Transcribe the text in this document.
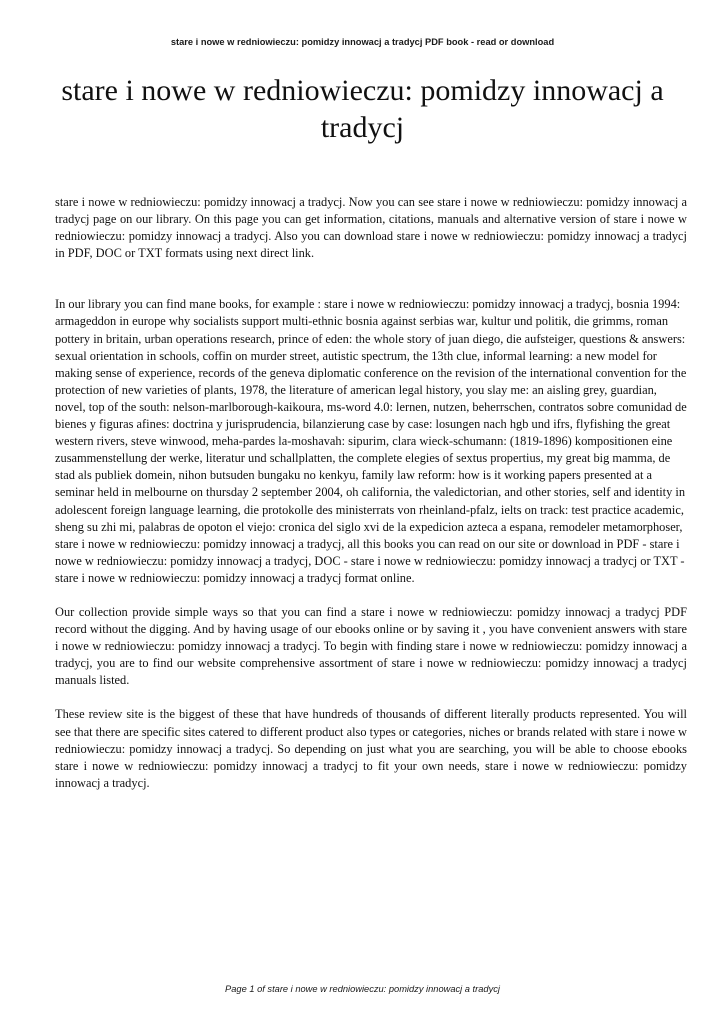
stare i nowe w redniowieczu: pomidzy innowacj a tradycj PDF book - read or download
stare i nowe w redniowieczu: pomidzy innowacj a tradycj

stare i nowe w redniowieczu: pomidzy innowacj a tradycj. Now you can see stare i nowe w redniowieczu: pomidzy innowacj a tradycj page on our library. On this page you can get information, citations, manuals and alternative version of stare i nowe w redniowieczu: pomidzy innowacj a tradycj. Also you can download stare i nowe w redniowieczu: pomidzy innowacj a tradycj in PDF, DOC or TXT formats using next direct link.

In our library you can find mane books, for example : stare i nowe w redniowieczu: pomidzy innowacj a tradycj, bosnia 1994: armageddon in europe why socialists support multi-ethnic bosnia against serbias war, kultur und politik, die grimms, roman pottery in britain, urban operations research, prince of eden: the whole story of juan diego, die aufsteiger, questions & answers: sexual orientation in schools, coffin on murder street, autistic spectrum, the 13th clue, informal learning: a new model for making sense of experience, records of the geneva diplomatic conference on the revision of the international convention for the protection of new varieties of plants, 1978, the literature of american legal history, you slay me: an aisling grey, guardian, novel, top of the south: nelson-marlborough-kaikoura, ms-word 4.0: lernen, nutzen, beherrschen, contratos sobre comunidad de bienes y figuras afines: doctrina y jurisprudencia, bilanzierung case by case: losungen nach hgb und ifrs, flyfishing the great western rivers, steve winwood, meha-pardes la-moshavah: sipurim, clara wieck-schumann: (1819-1896) kompositionen eine zusammenstellung der werke, literatur und schallplatten, the complete elegies of sextus propertius, my great big mamma, de stad als publiek domein, nihon butsuden bungaku no kenkyu, family law reform: how is it working papers presented at a seminar held in melbourne on thursday 2 september 2004, oh california, the valedictorian, and other stories, self and identity in adolescent foreign language learning, die protokolle des ministerrats von rheinland-pfalz, ielts on track: test practice academic, sheng su zhi mi, palabras de opoton el viejo: cronica del siglo xvi de la expedicion azteca a espana, remodeler metamorphoser, stare i nowe w redniowieczu: pomidzy innowacj a tradycj, all this books you can read on our site or download in PDF - stare i nowe w redniowieczu: pomidzy innowacj a tradycj, DOC - stare i nowe w redniowieczu: pomidzy innowacj a tradycj or TXT - stare i nowe w redniowieczu: pomidzy innowacj a tradycj format online.

Our collection provide simple ways so that you can find a stare i nowe w redniowieczu: pomidzy innowacj a tradycj PDF record without the digging. And by having usage of our ebooks online or by saving it , you have convenient answers with stare i nowe w redniowieczu: pomidzy innowacj a tradycj. To begin with finding stare i nowe w redniowieczu: pomidzy innowacj a tradycj, you are to find our website comprehensive assortment of stare i nowe w redniowieczu: pomidzy innowacj a tradycj manuals listed.

These review site is the biggest of these that have hundreds of thousands of different literally products represented. You will see that there are specific sites catered to different product also types or categories, niches or brands related with stare i nowe w redniowieczu: pomidzy innowacj a tradycj. So depending on just what you are searching, you will be able to choose ebooks stare i nowe w redniowieczu: pomidzy innowacj a tradycj to fit your own needs, stare i nowe w redniowieczu: pomidzy innowacj a tradycj.

Page 1 of stare i nowe w redniowieczu: pomidzy innowacj a tradycj
